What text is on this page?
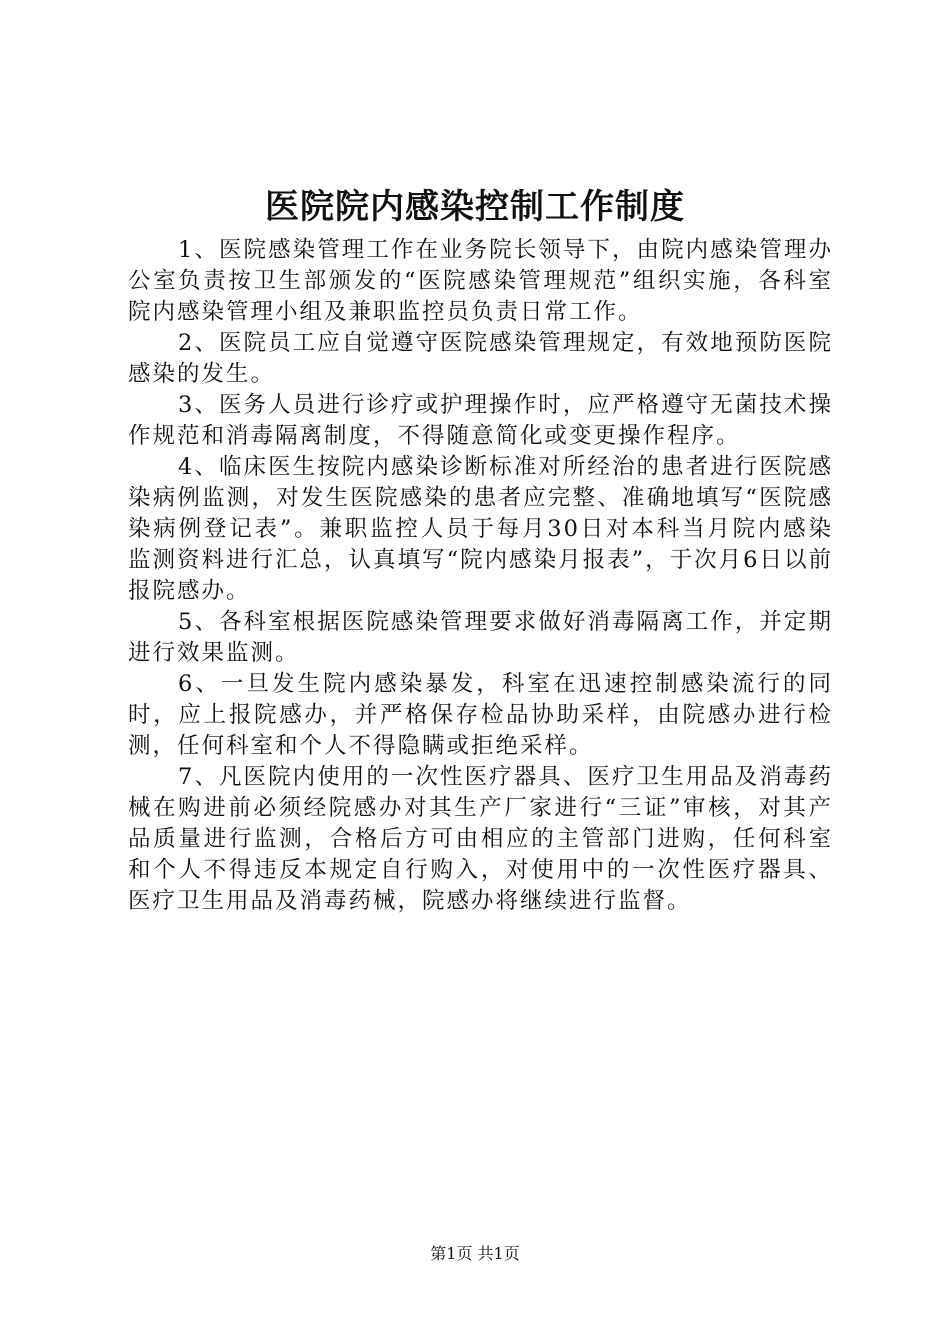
医院院内感染控制工作制度

1、医院感染管理工作在业务院长领导下，由院内感染管理办公室负责按卫生部颁发的“医院感染管理规范”组织实施，各科室院内感染管理小组及兼职监控员负责日常工作。

2、医院员工应自觉遵守医院感染管理规定，有效地预防医院感染的发生。

3、医务人员进行诊疗或护理操作时，应严格遵守无菌技术操作规范和消毒隔离制度，不得随意简化或变更操作程序。

4、临床医生按院内感染诊断标准对所经治的患者进行医院感染病例监测，对发生医院感染的患者应完整、准确地填写“医院感染病例登记表”。兼职监控人员于每月30日对本科当月院内感染监测资料进行汇总，认真填写“院内感染月报表”，于次月6日以前报院感办。

5、各科室根据医院感染管理要求做好消毒隔离工作，并定期进行效果监测。

6、一旦发生院内感染暴发，科室在迅速控制感染流行的同时，应上报院感办，并严格保存检品协助采样，由院感办进行检测，任何科室和个人不得隐瞒或拒绝采样。

7、凡医院内使用的一次性医疗器具、医疗卫生用品及消毒药械在购进前必须经院感办对其生产厂家进行“三证”审核，对其产品质量进行监测，合格后方可由相应的主管部门进购，任何科室和个人不得违反本规定自行购入，对使用中的一次性医疗器具、医疗卫生用品及消毒药械，院感办将继续进行监督。

第1页 共1页
